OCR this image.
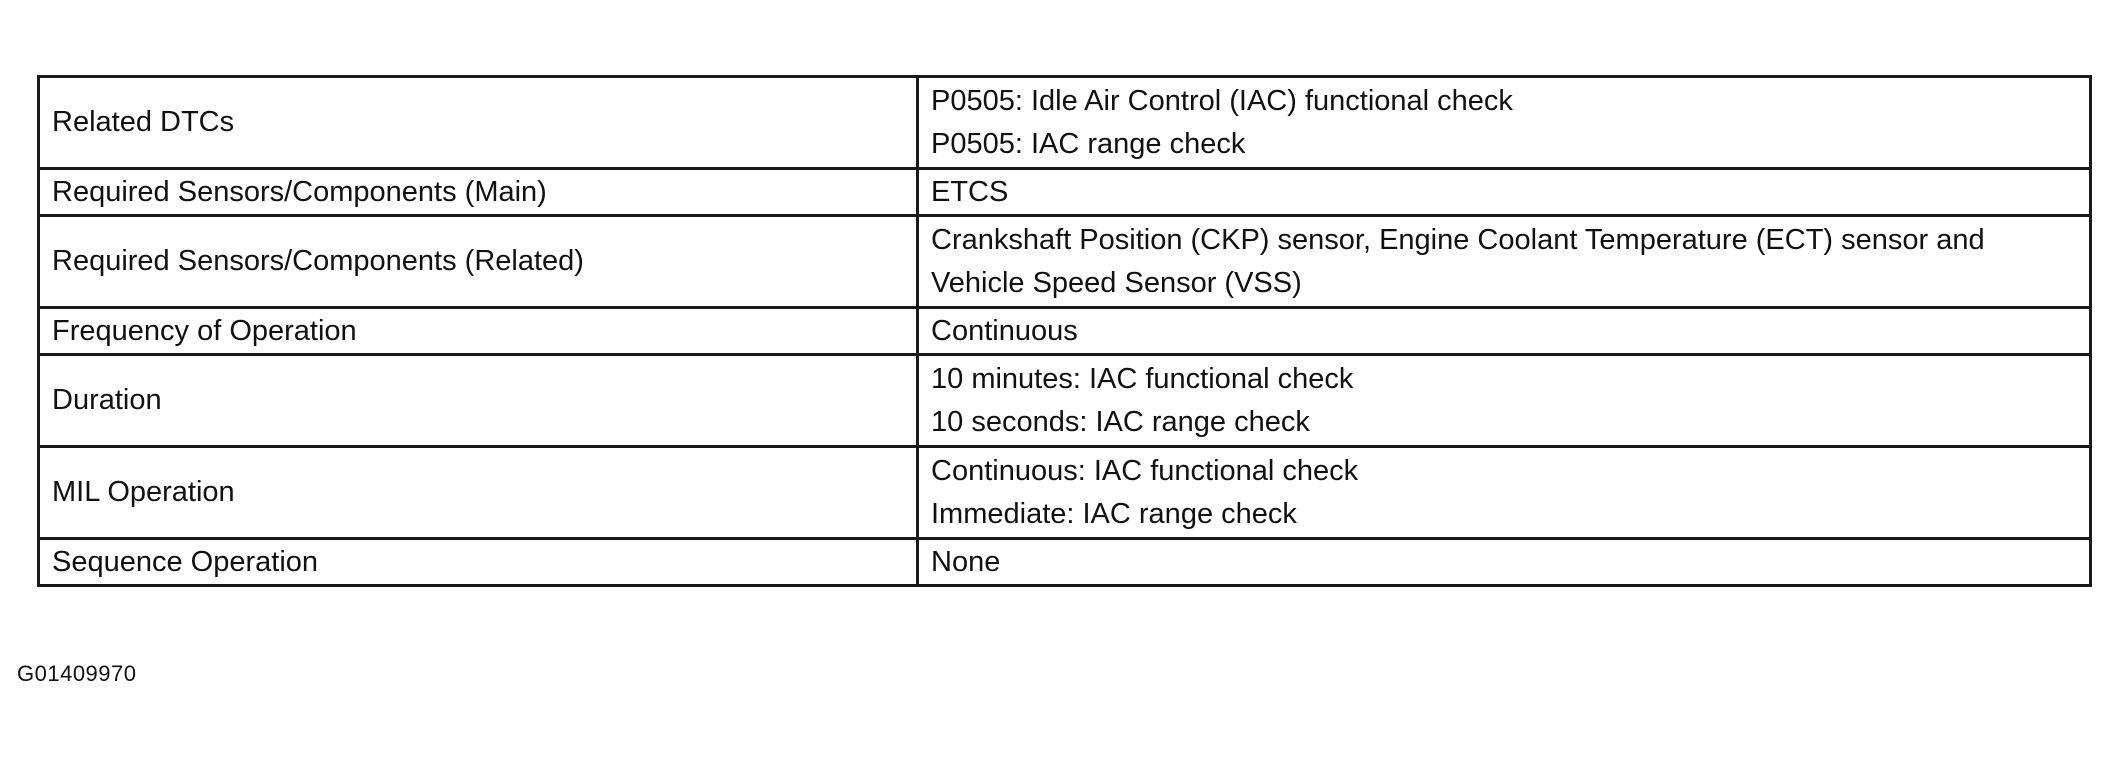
Related DTCs	P0505: Idle Air Control (IAC) functional check
P0505: IAC range check

Required Sensors/Components (Main)	ETCS

Required Sensors/Components (Related)	Crankshaft Position (CKP) sensor, Engine Coolant Temperature (ECT) sensor and
Vehicle Speed Sensor (VSS)

Frequency of Operation	Continuous

Duration	10 minutes: IAC functional check
10 seconds: IAC range check

MIL Operation	Continuous: IAC functional check
Immediate: IAC range check

Sequence Operation	None
G01409970
